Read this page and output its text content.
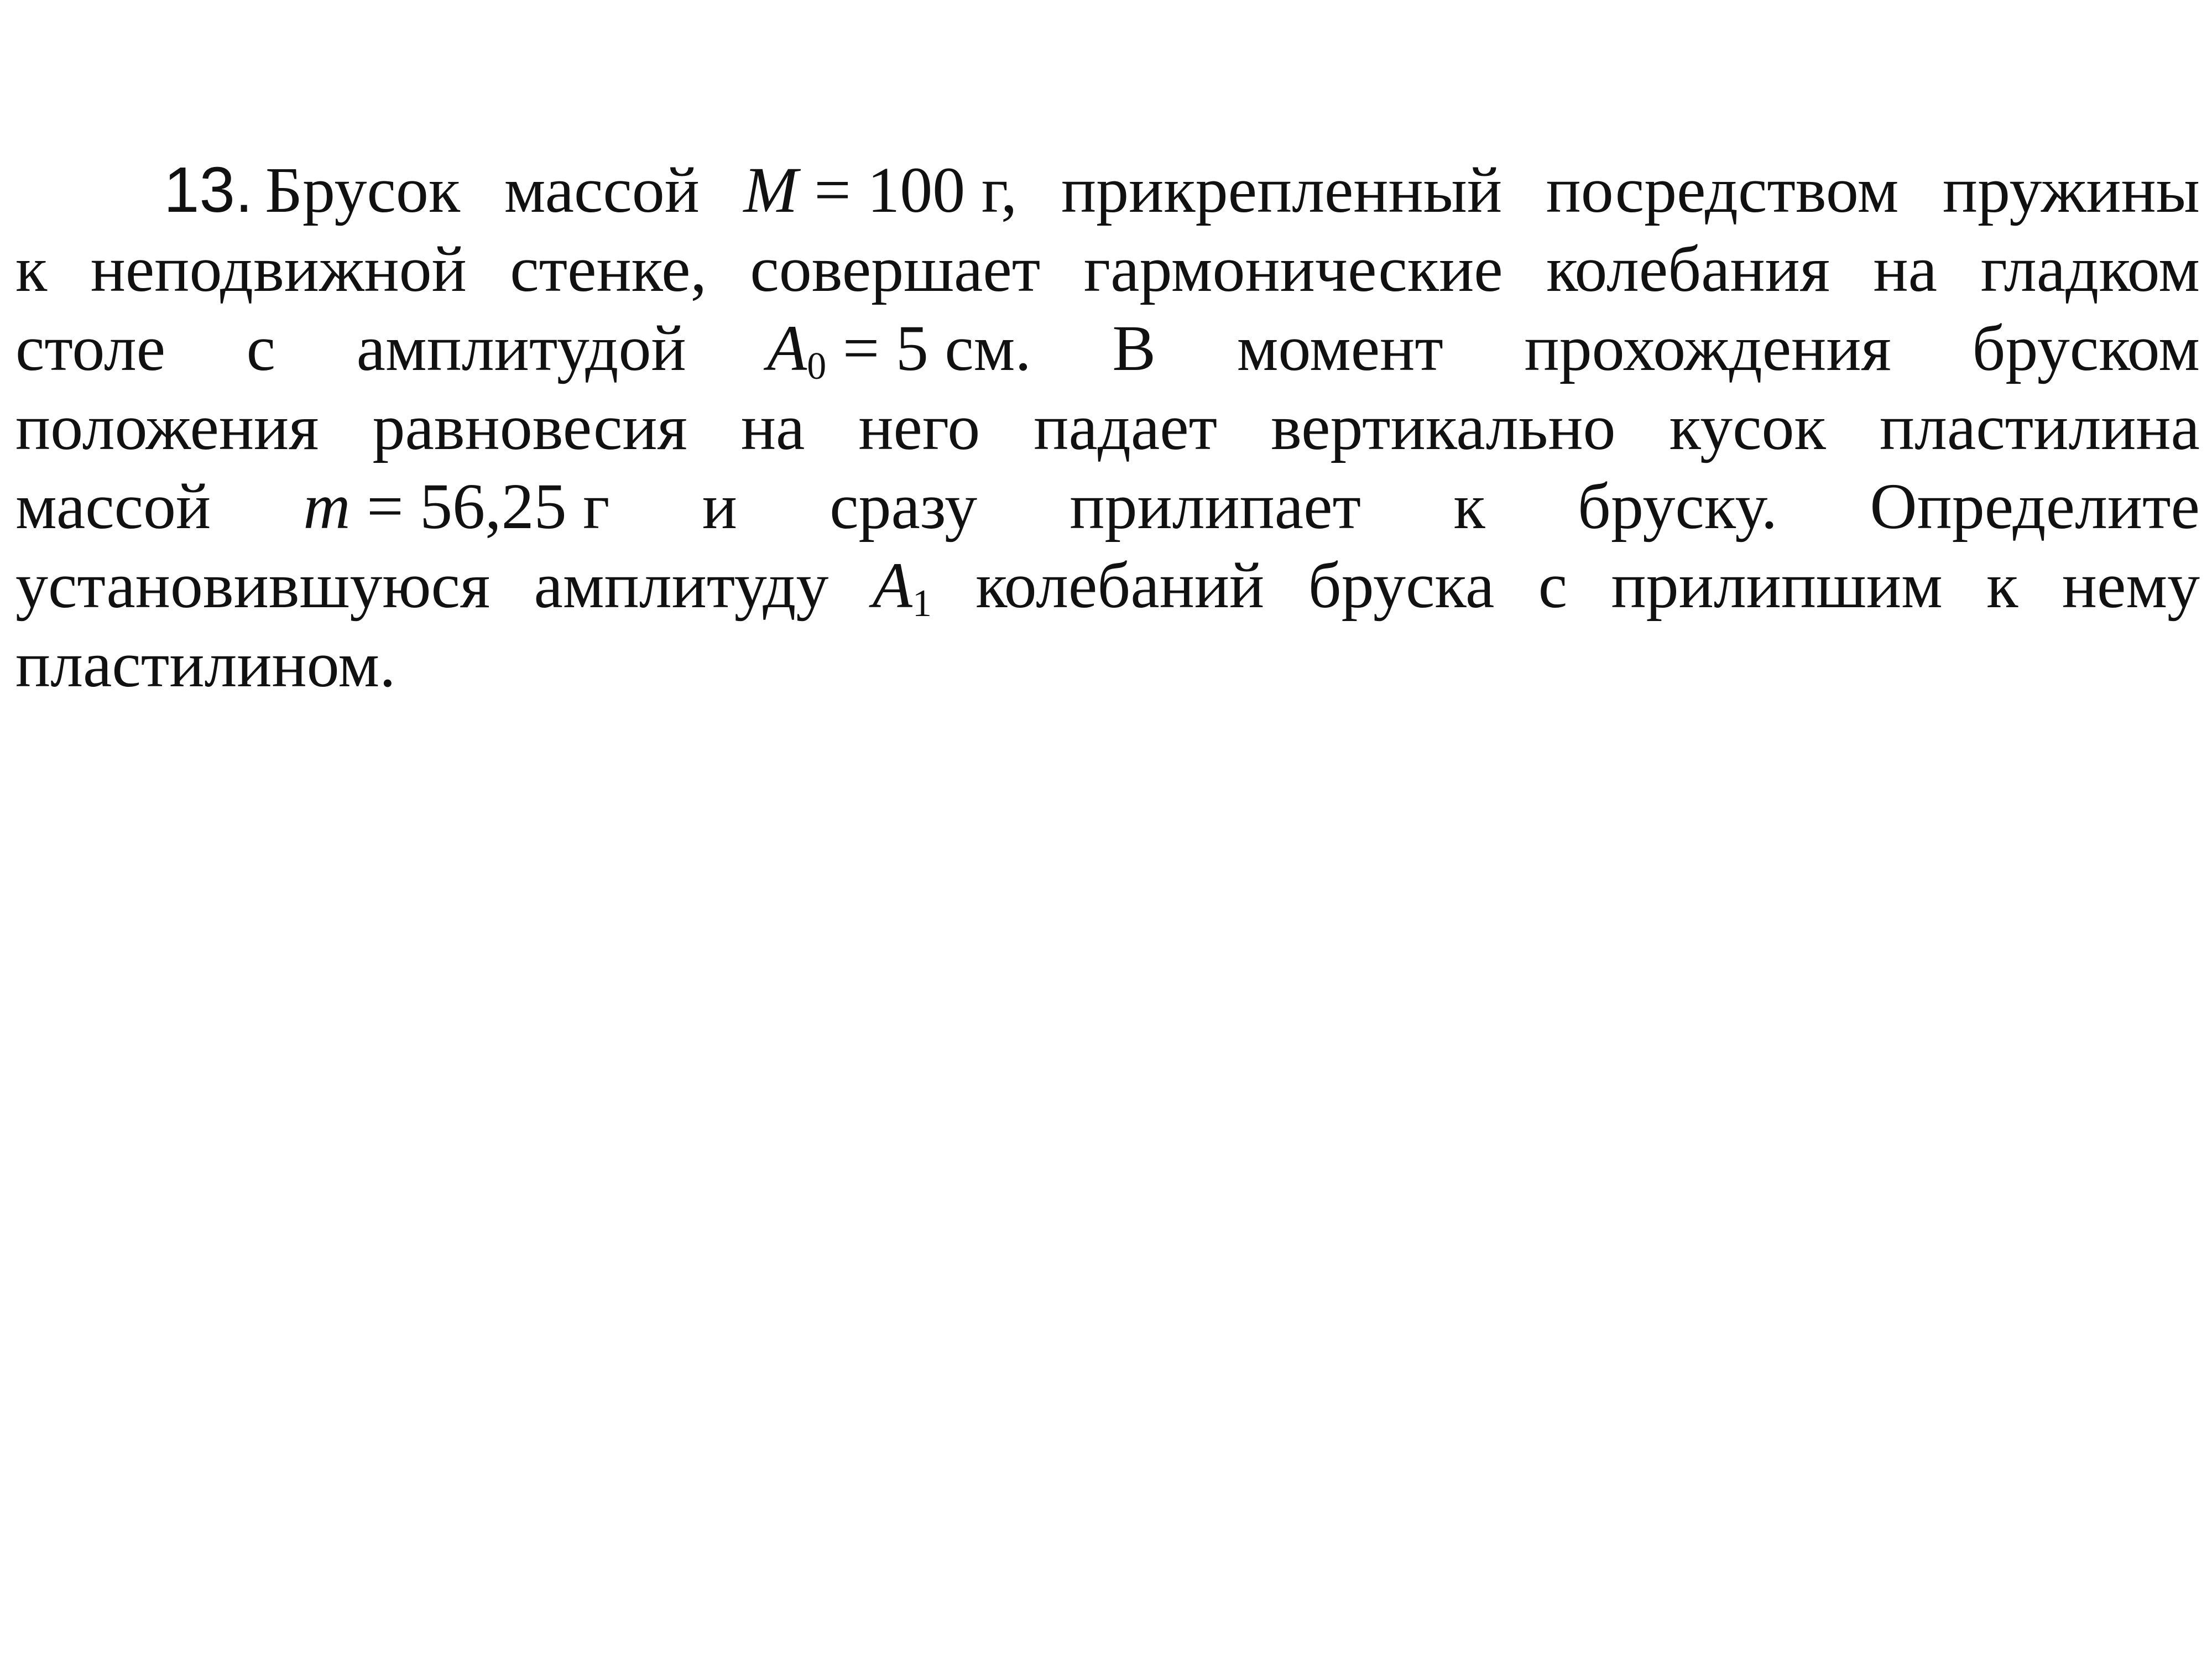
13. Брусок массой M = 100 г, прикрепленный посредством пружины
к неподвижной стенке, совершает гармонические колебания на гладком
столе с амплитудой $A_0 = 5$ см. В момент прохождения бруском
положения равновесия на него падает вертикально кусок пластилина
массой m = 56,25 г и сразу прилипает к бруску. Определите
установившуюся амплитуду $A_1$ колебаний бруска с прилипшим к нему
пластилином.
